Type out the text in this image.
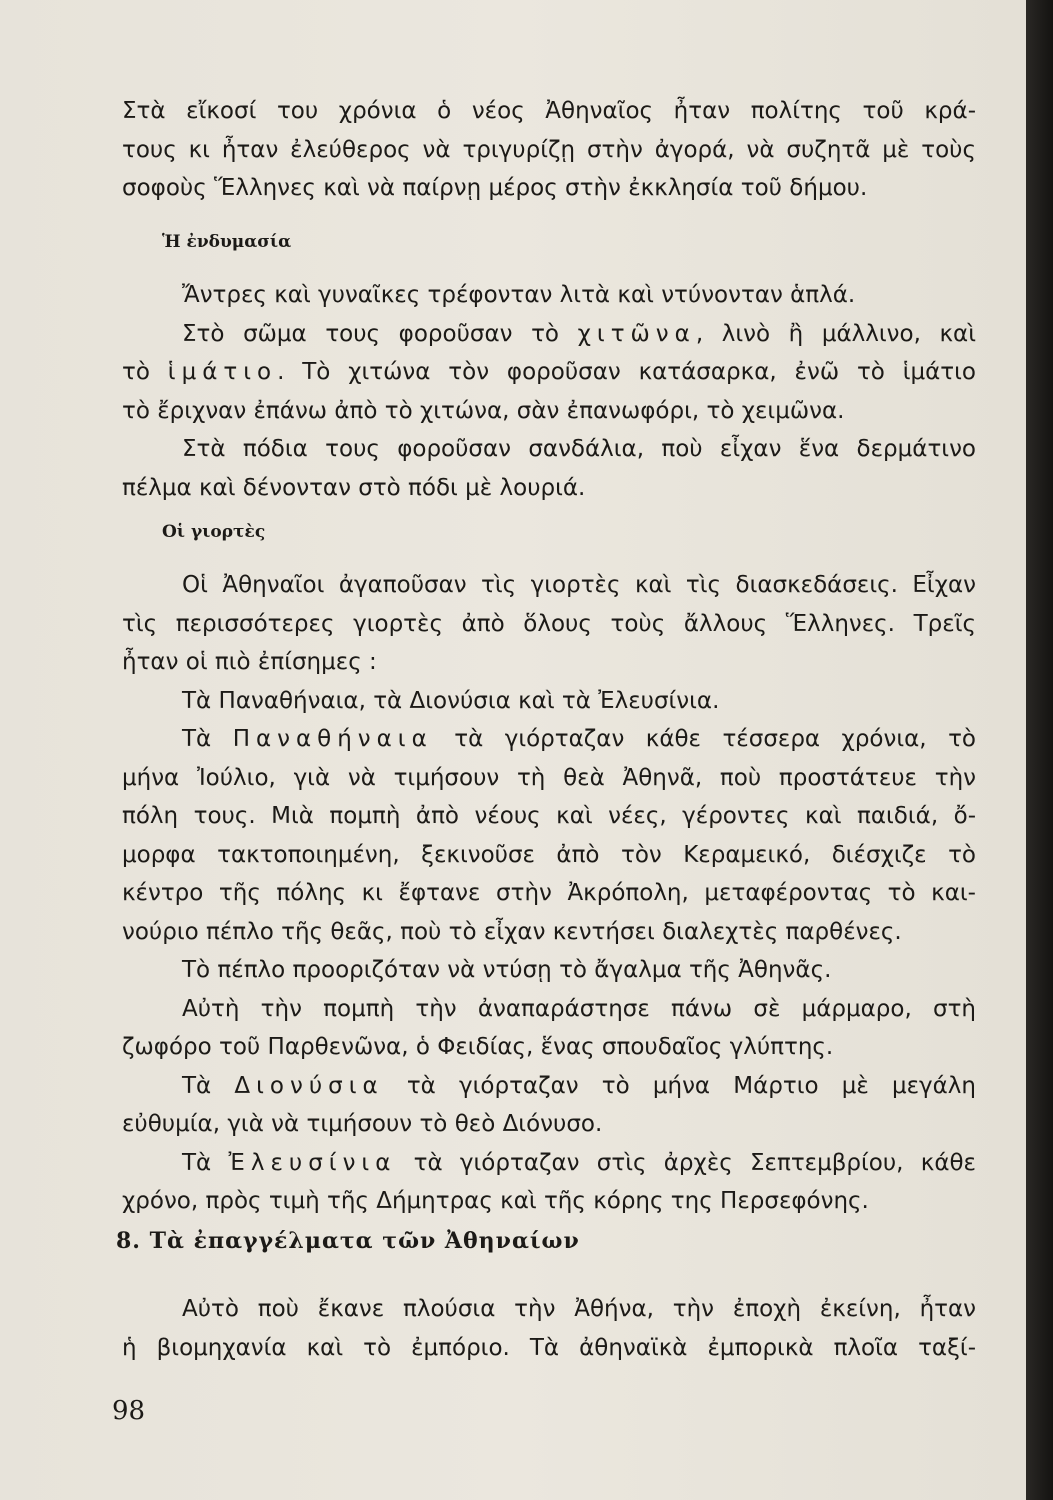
Στὰ εἴκοσί του χρόνια ὁ νέος Ἀθηναῖος ἦταν πολίτης τοῦ κρά-
τους κι ἦταν ἐλεύθερος νὰ τριγυρίζῃ στὴν ἀγορά, νὰ συζητᾶ μὲ τοὺς
σοφοὺς Ἕλληνες καὶ νὰ παίρνῃ μέρος στὴν ἐκκλησία τοῦ δήμου.
Ἡ ἐνδυμασία
Ἄντρες καὶ γυναῖκες τρέφονταν λιτὰ καὶ ντύνονταν ἁπλά.
Στὸ σῶμα τους φοροῦσαν τὸ χιτῶνα, λινὸ ἢ μάλλινο, καὶ
τὸ ἱμάτιο. Τὸ χιτώνα τὸν φοροῦσαν κατάσαρκα, ἐνῶ τὸ ἱμάτιο
τὸ ἔριχναν ἐπάνω ἀπὸ τὸ χιτώνα, σὰν ἐπανωφόρι, τὸ χειμῶνα.
Στὰ πόδια τους φοροῦσαν σανδάλια, ποὺ εἶχαν ἕνα δερμάτινο
πέλμα καὶ δένονταν στὸ πόδι μὲ λουριά.
Οἱ γιορτὲς
Οἱ Ἀθηναῖοι ἀγαποῦσαν τὶς γιορτὲς καὶ τὶς διασκεδάσεις. Εἶχαν
τὶς περισσότερες γιορτὲς ἀπὸ ὅλους τοὺς ἄλλους Ἕλληνες. Τρεῖς
ἦταν οἱ πιὸ ἐπίσημες :
Τὰ Παναθήναια, τὰ Διονύσια καὶ τὰ Ἐλευσίνια.
Τὰ Παναθήναια τὰ γιόρταζαν κάθε τέσσερα χρόνια, τὸ
μήνα Ἰούλιο, γιὰ νὰ τιμήσουν τὴ θεὰ Ἀθηνᾶ, ποὺ προστάτευε τὴν
πόλη τους. Μιὰ πομπὴ ἀπὸ νέους καὶ νέες, γέροντες καὶ παιδιά, ὄ-
μορφα τακτοποιημένη, ξεκινοῦσε ἀπὸ τὸν Κεραμεικό, διέσχιζε τὸ
κέντρο τῆς πόλης κι ἔφτανε στὴν Ἀκρόπολη, μεταφέροντας τὸ και-
νούριο πέπλο τῆς θεᾶς, ποὺ τὸ εἶχαν κεντήσει διαλεχτὲς παρθένες.
Τὸ πέπλο προοριζόταν νὰ ντύσῃ τὸ ἄγαλμα τῆς Ἀθηνᾶς.
Αὐτὴ τὴν πομπὴ τὴν ἀναπαράστησε πάνω σὲ μάρμαρο, στὴ
ζωφόρο τοῦ Παρθενῶνα, ὁ Φειδίας, ἕνας σπουδαῖος γλύπτης.
Τὰ Διονύσια τὰ γιόρταζαν τὸ μήνα Μάρτιο μὲ μεγάλη
εὐθυμία, γιὰ νὰ τιμήσουν τὸ θεὸ Διόνυσο.
Τὰ Ἐλευσίνια τὰ γιόρταζαν στὶς ἀρχὲς Σεπτεμβρίου, κάθε
χρόνο, πρὸς τιμὴ τῆς Δήμητρας καὶ τῆς κόρης της Περσεφόνης.
8. Τὰ ἐπαγγέλματα τῶν Ἀθηναίων
Αὐτὸ ποὺ ἔκανε πλούσια τὴν Ἀθήνα, τὴν ἐποχὴ ἐκείνη, ἦταν
ἡ βιομηχανία καὶ τὸ ἐμπόριο. Τὰ ἀθηναϊκὰ ἐμπορικὰ πλοῖα ταξί-
98
